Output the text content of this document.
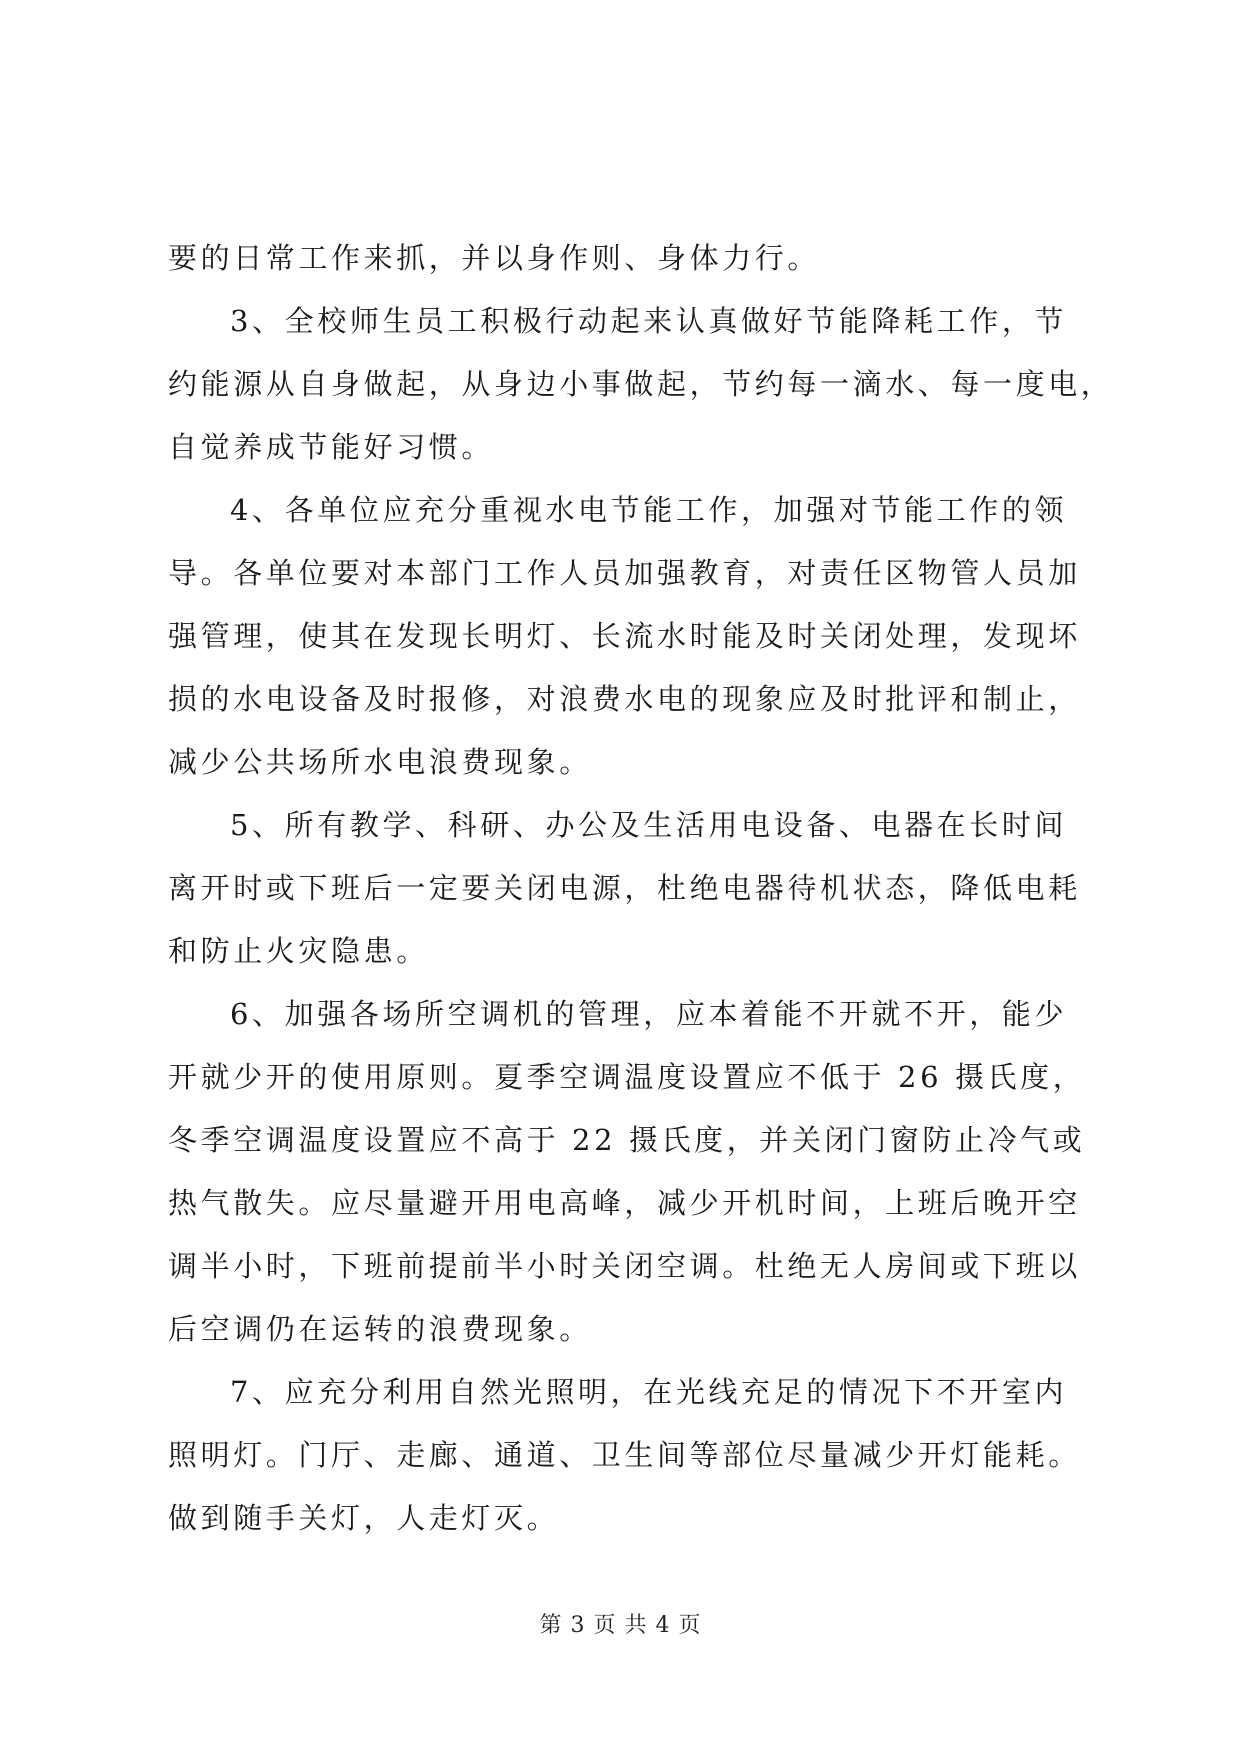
要的日常工作来抓，并以身作则、身体力行。
3、全校师生员工积极行动起来认真做好节能降耗工作，节
约能源从自身做起，从身边小事做起，节约每一滴水、每一度电，
自觉养成节能好习惯。
4、各单位应充分重视水电节能工作，加强对节能工作的领
导。各单位要对本部门工作人员加强教育，对责任区物管人员加
强管理，使其在发现长明灯、长流水时能及时关闭处理，发现坏
损的水电设备及时报修，对浪费水电的现象应及时批评和制止，
减少公共场所水电浪费现象。
5、所有教学、科研、办公及生活用电设备、电器在长时间
离开时或下班后一定要关闭电源，杜绝电器待机状态，降低电耗
和防止火灾隐患。
6、加强各场所空调机的管理，应本着能不开就不开，能少
开就少开的使用原则。夏季空调温度设置应不低于 26 摄氏度，
冬季空调温度设置应不高于 22 摄氏度，并关闭门窗防止冷气或
热气散失。应尽量避开用电高峰，减少开机时间，上班后晚开空
调半小时，下班前提前半小时关闭空调。杜绝无人房间或下班以
后空调仍在运转的浪费现象。
7、应充分利用自然光照明，在光线充足的情况下不开室内
照明灯。门厅、走廊、通道、卫生间等部位尽量减少开灯能耗。
做到随手关灯，人走灯灭。
第 3 页 共 4 页
